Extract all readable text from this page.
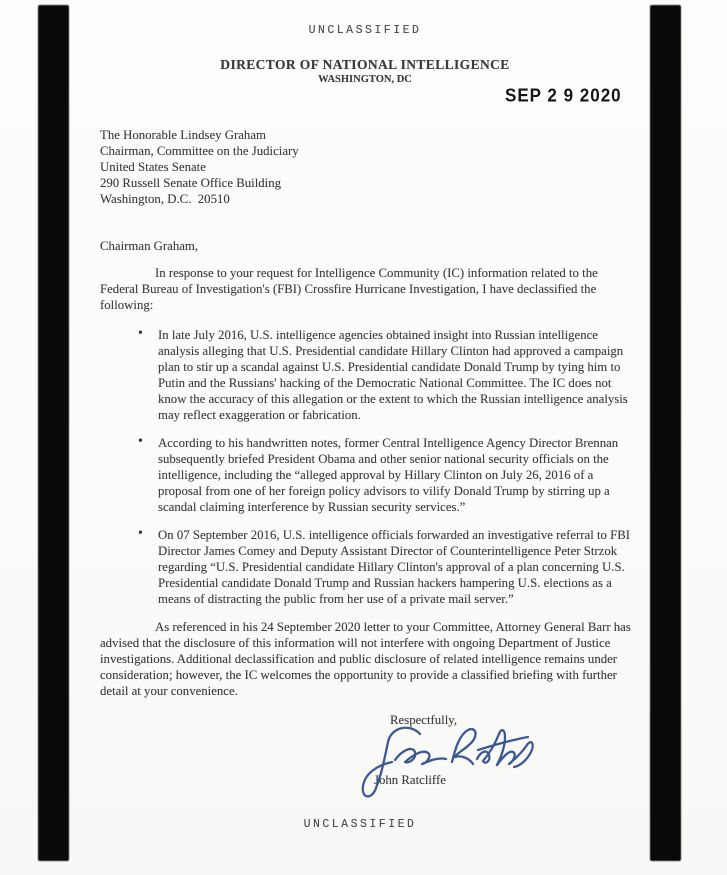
UNCLASSIFIED
DIRECTOR OF NATIONAL INTELLIGENCE
WASHINGTON, DC
SEP 2 9 2020
The Honorable Lindsey Graham
Chairman, Committee on the Judiciary
United States Senate
290 Russell Senate Office Building
Washington, D.C.  20510
Chairman Graham,

In response to your request for Intelligence Community (IC) information related to the Federal Bureau of Investigation's (FBI) Crossfire Hurricane Investigation, I have declassified the following:

• In late July 2016, U.S. intelligence agencies obtained insight into Russian intelligence analysis alleging that U.S. Presidential candidate Hillary Clinton had approved a campaign plan to stir up a scandal against U.S. Presidential candidate Donald Trump by tying him to Putin and the Russians' hacking of the Democratic National Committee. The IC does not know the accuracy of this allegation or the extent to which the Russian intelligence analysis may reflect exaggeration or fabrication.
• According to his handwritten notes, former Central Intelligence Agency Director Brennan subsequently briefed President Obama and other senior national security officials on the intelligence, including the “alleged approval by Hillary Clinton on July 26, 2016 of a proposal from one of her foreign policy advisors to vilify Donald Trump by stirring up a scandal claiming interference by Russian security services.”
• On 07 September 2016, U.S. intelligence officials forwarded an investigative referral to FBI Director James Comey and Deputy Assistant Director of Counterintelligence Peter Strzok regarding “U.S. Presidential candidate Hillary Clinton's approval of a plan concerning U.S. Presidential candidate Donald Trump and Russian hackers hampering U.S. elections as a means of distracting the public from her use of a private mail server.”

As referenced in his 24 September 2020 letter to your Committee, Attorney General Barr has advised that the disclosure of this information will not interfere with ongoing Department of Justice investigations. Additional declassification and public disclosure of related intelligence remains under consideration; however, the IC welcomes the opportunity to provide a classified briefing with further detail at your convenience.

Respectfully,
John Ratcliffe
UNCLASSIFIED
